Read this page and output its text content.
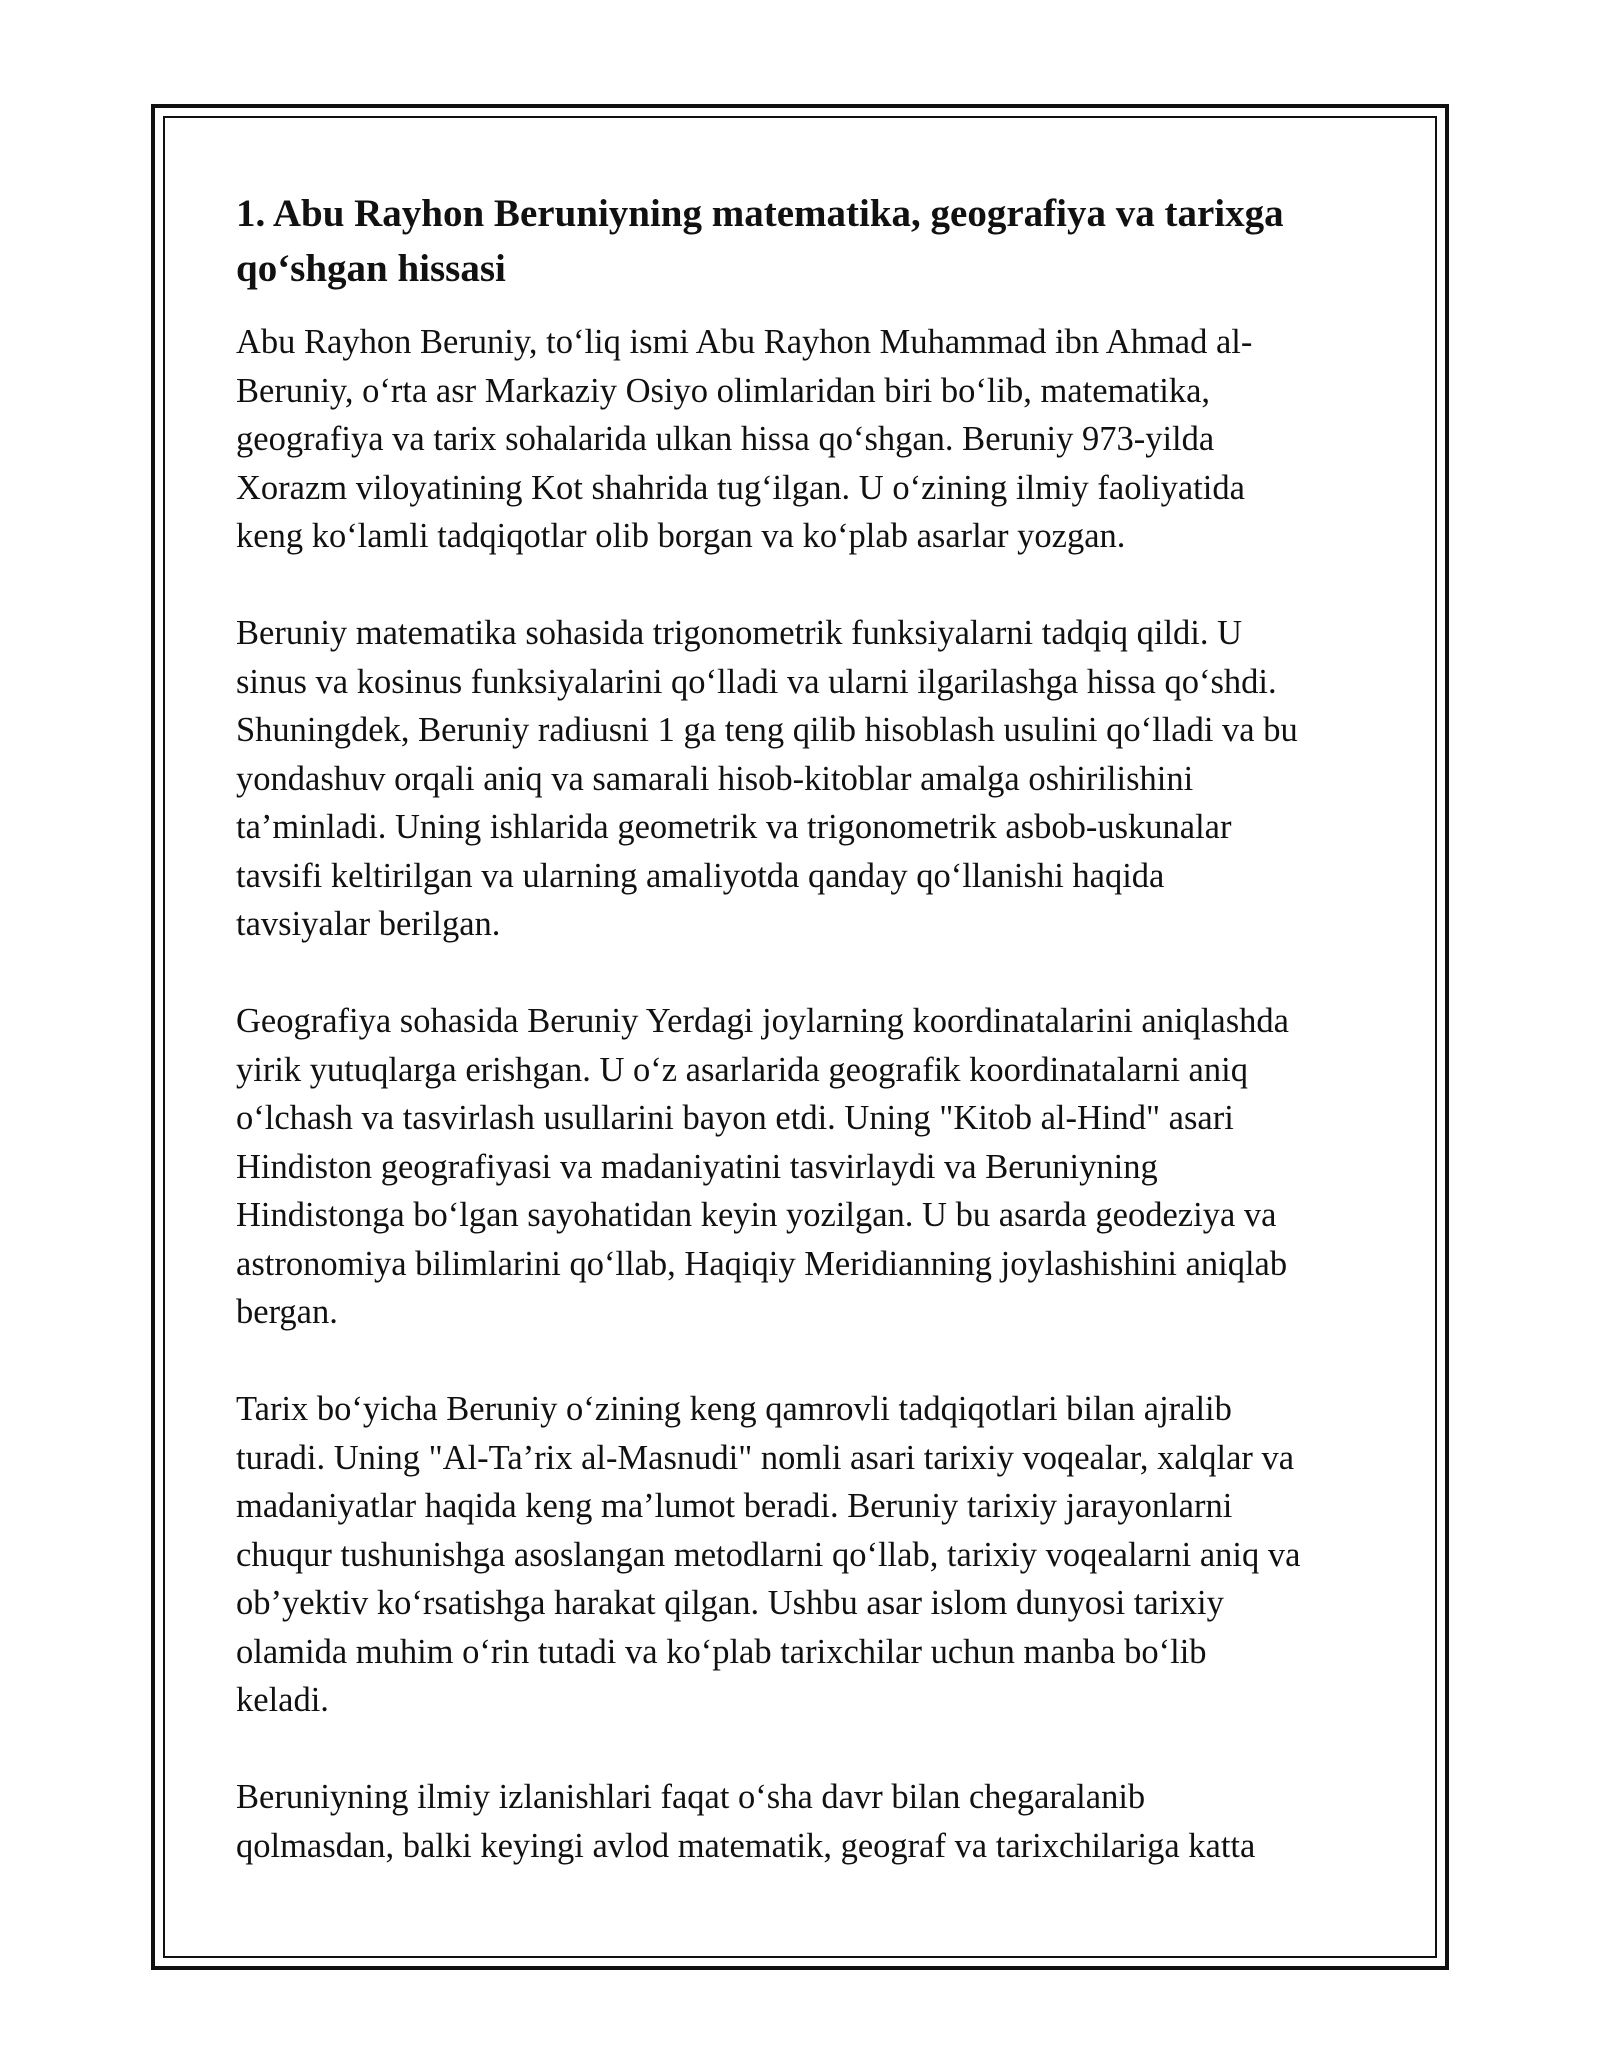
1. Abu Rayhon Beruniyning matematika, geografiya va tarixga qo‘shgan hissasi

Abu Rayhon Beruniy, to‘liq ismi Abu Rayhon Muhammad ibn Ahmad al-
Beruniy, o‘rta asr Markaziy Osiyo olimlaridan biri bo‘lib, matematika,
geografiya va tarix sohalarida ulkan hissa qo‘shgan. Beruniy 973-yilda
Xorazm viloyatining Kot shahrida tug‘ilgan. U o‘zining ilmiy faoliyatida
keng ko‘lamli tadqiqotlar olib borgan va ko‘plab asarlar yozgan.

Beruniy matematika sohasida trigonometrik funksiyalarni tadqiq qildi. U
sinus va kosinus funksiyalarini qo‘lladi va ularni ilgarilashga hissa qo‘shdi.
Shuningdek, Beruniy radiusni 1 ga teng qilib hisoblash usulini qo‘lladi va bu
yondashuv orqali aniq va samarali hisob-kitoblar amalga oshirilishini
ta’minladi. Uning ishlarida geometrik va trigonometrik asbob-uskunalar
tavsifi keltirilgan va ularning amaliyotda qanday qo‘llanishi haqida
tavsiyalar berilgan.

Geografiya sohasida Beruniy Yerdagi joylarning koordinatalarini aniqlashda
yirik yutuqlarga erishgan. U o‘z asarlarida geografik koordinatalarni aniq
o‘lchash va tasvirlash usullarini bayon etdi. Uning "Kitob al-Hind" asari
Hindiston geografiyasi va madaniyatini tasvirlaydi va Beruniyning
Hindistonga bo‘lgan sayohatidan keyin yozilgan. U bu asarda geodeziya va
astronomiya bilimlarini qo‘llab, Haqiqiy Meridianning joylashishini aniqlab
bergan.

Tarix bo‘yicha Beruniy o‘zining keng qamrovli tadqiqotlari bilan ajralib
turadi. Uning "Al-Ta’rix al-Masnudi" nomli asari tarixiy voqealar, xalqlar va
madaniyatlar haqida keng ma’lumot beradi. Beruniy tarixiy jarayonlarni
chuqur tushunishga asoslangan metodlarni qo‘llab, tarixiy voqealarni aniq va
ob’yektiv ko‘rsatishga harakat qilgan. Ushbu asar islom dunyosi tarixiy
olamida muhim o‘rin tutadi va ko‘plab tarixchilar uchun manba bo‘lib
keladi.

Beruniyning ilmiy izlanishlari faqat o‘sha davr bilan chegaralanib
qolmasdan, balki keyingi avlod matematik, geograf va tarixchilariga katta
